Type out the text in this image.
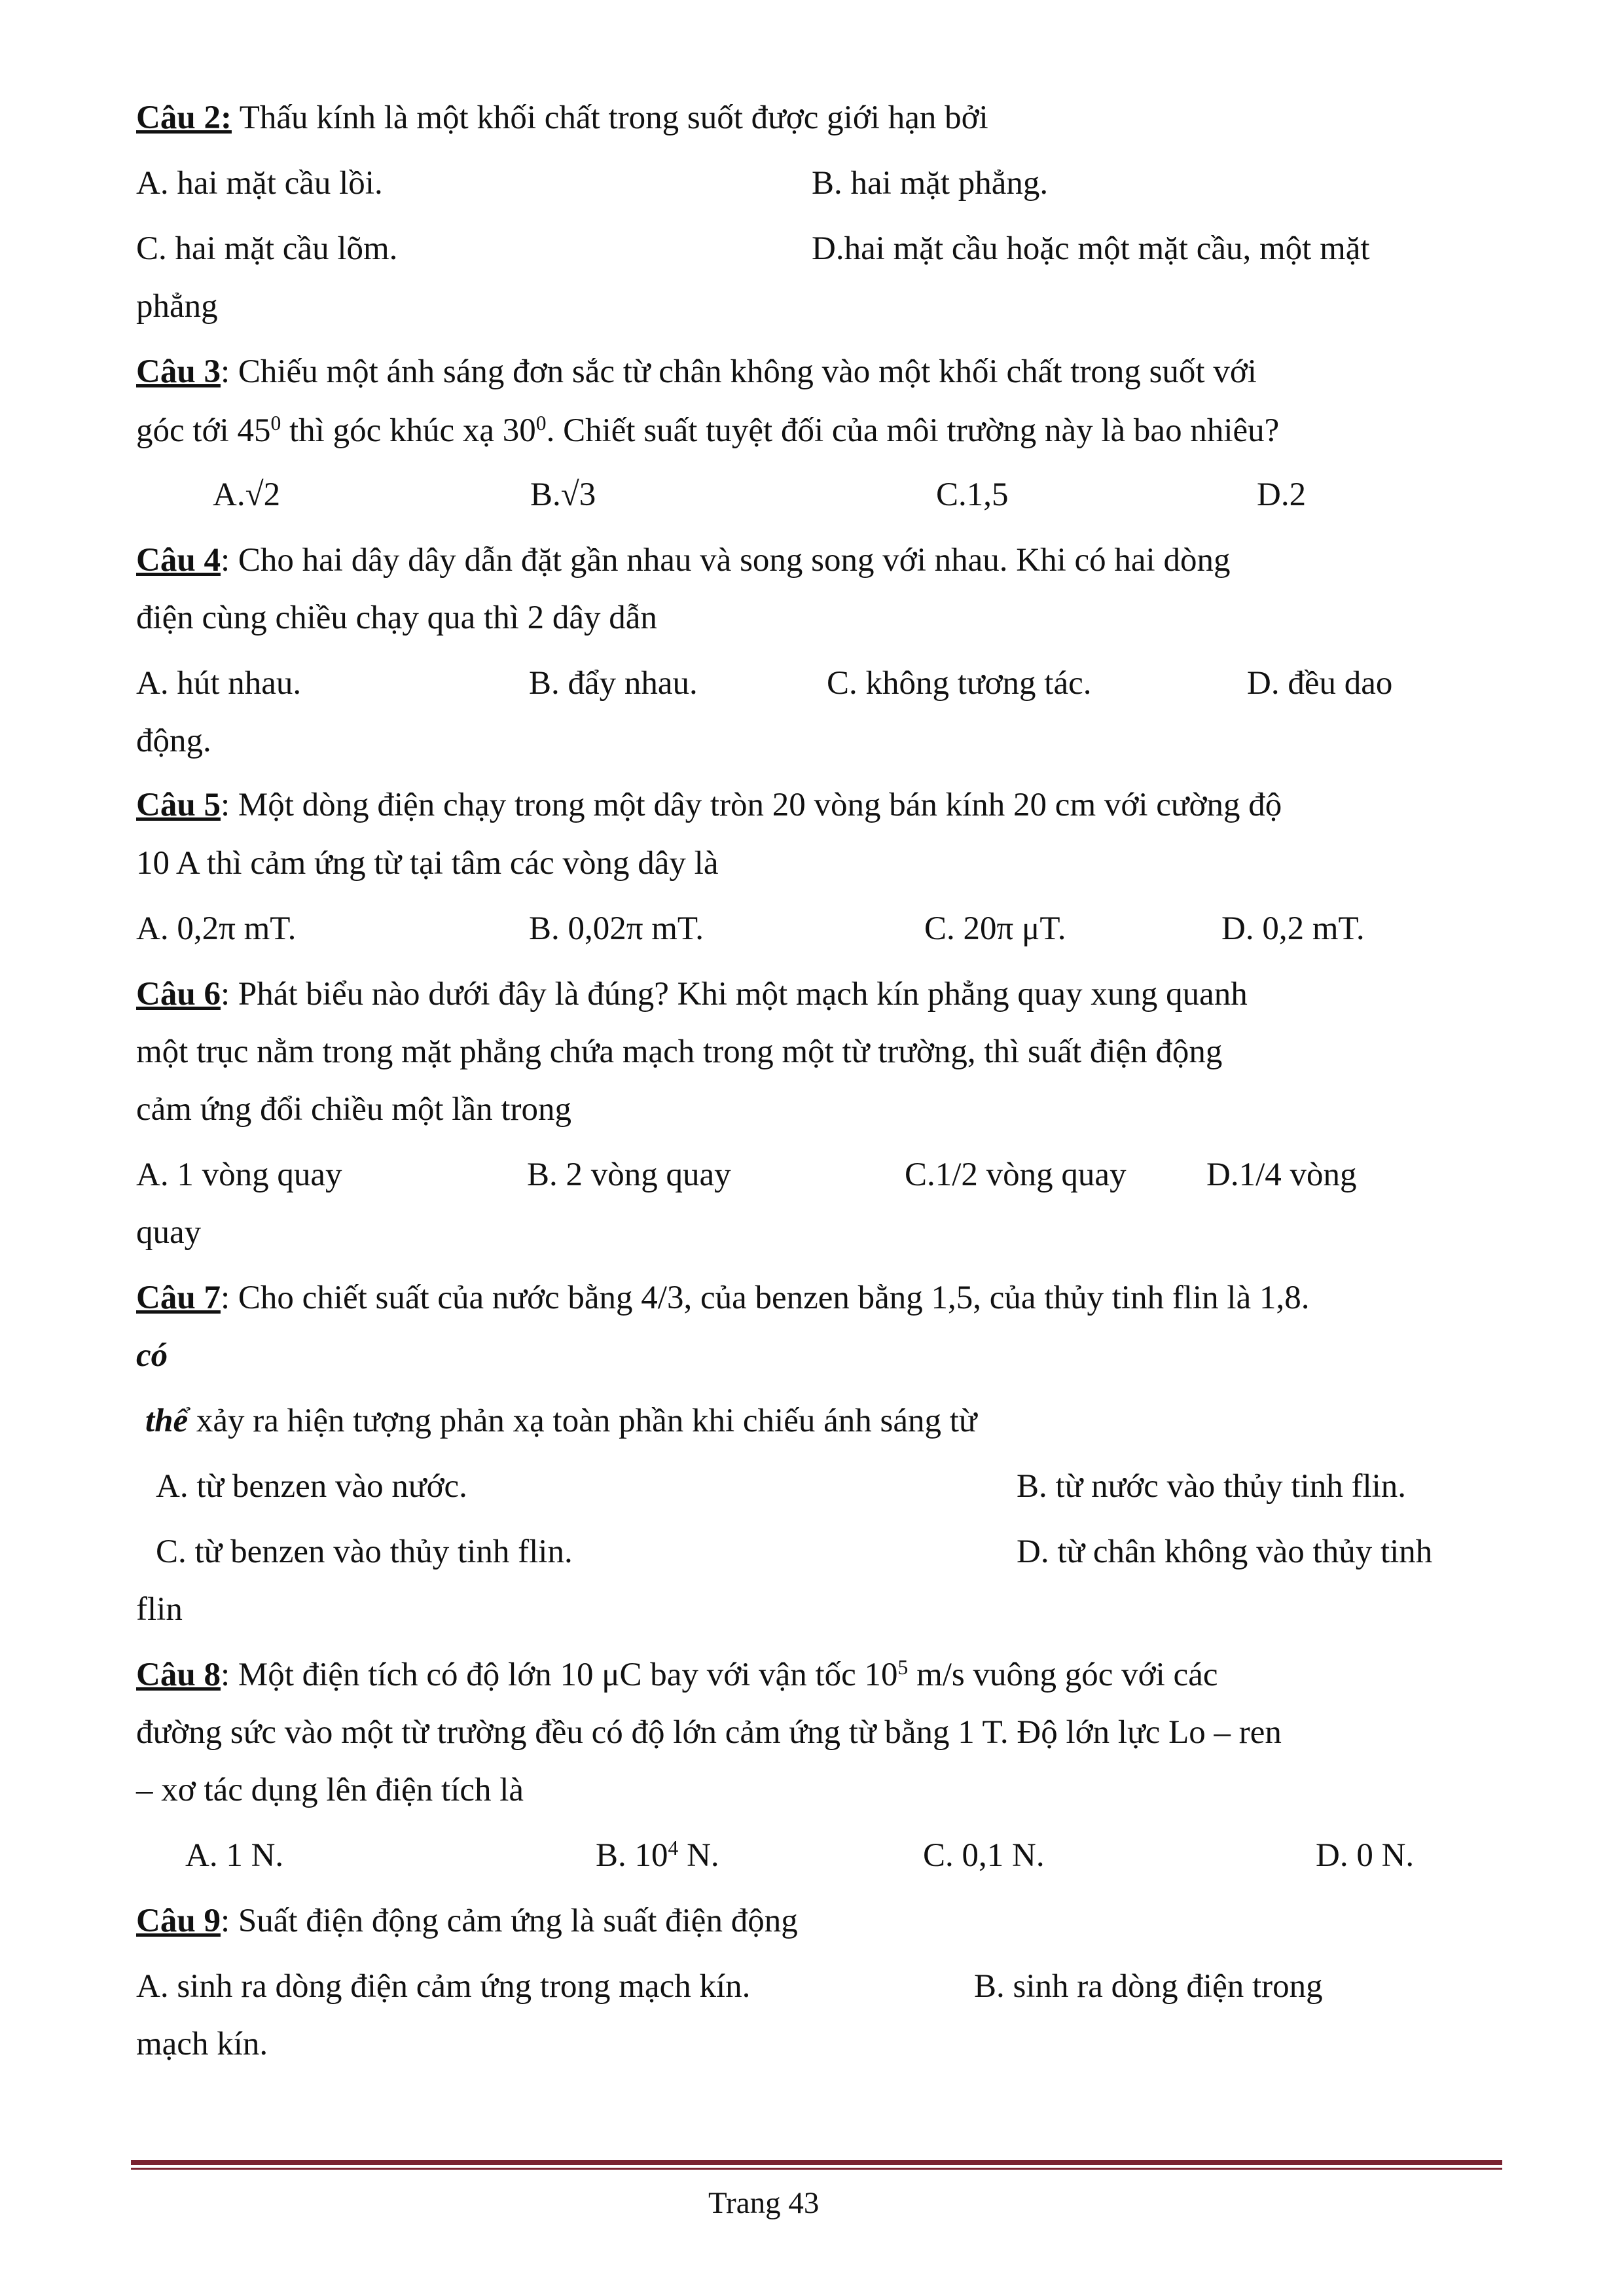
Câu 2: Thấu kính là một khối chất trong suốt được giới hạn bởi
A. hai mặt cầu lồi.	B. hai mặt phẳng.
C. hai mặt cầu lõm.	D.hai mặt cầu hoặc một mặt cầu, một mặt
phẳng
Câu 3: Chiếu một ánh sáng đơn sắc từ chân không vào một khối chất trong suốt với
góc tới $45^0$ thì góc khúc xạ $30^0$. Chiết suất tuyệt đối của môi trường này là bao nhiêu?
A.√2	B.√3	C.1,5	D.2
Câu 4: Cho hai dây dây dẫn đặt gần nhau và song song với nhau. Khi có hai dòng
điện cùng chiều chạy qua thì 2 dây dẫn
A. hút nhau.	B. đẩy nhau.	C. không tương tác.	D. đều dao
động.
Câu 5: Một dòng điện chạy trong một dây tròn 20 vòng bán kính 20 cm với cường độ
10 A thì cảm ứng từ tại tâm các vòng dây là
A. 0,2π mT.	B. 0,02π mT.	C. 20π μT.	D. 0,2 mT.
Câu 6: Phát biểu nào dưới đây là đúng? Khi một mạch kín phẳng quay xung quanh
một trục nằm trong mặt phẳng chứa mạch trong một từ trường, thì suất điện động
cảm ứng đổi chiều một lần trong
A. 1 vòng quay	B. 2 vòng quay	C.1/2 vòng quay D.1/4 vòng
quay
Câu 7: Cho chiết suất của nước bằng 4/3, của benzen bằng 1,5, của thủy tinh flin là 1,8.
có
thể xảy ra hiện tượng phản xạ toàn phần khi chiếu ánh sáng từ
A. từ benzen vào nước.	B. từ nước vào thủy tinh flin.
C. từ benzen vào thủy tinh flin.	D. từ chân không vào thủy tinh
flin
Câu 8: Một điện tích có độ lớn 10 μC bay với vận tốc $10^5$ m/s vuông góc với các
đường sức vào một từ trường đều có độ lớn cảm ứng từ bằng 1 T. Độ lớn lực Lo – ren
– xơ tác dụng lên điện tích là
A. 1 N.	B. $10^4$ N.	C. 0,1 N.	D. 0 N.
Câu 9: Suất điện động cảm ứng là suất điện động
A. sinh ra dòng điện cảm ứng trong mạch kín.	B. sinh ra dòng điện trong
mạch kín.
Trang 43
